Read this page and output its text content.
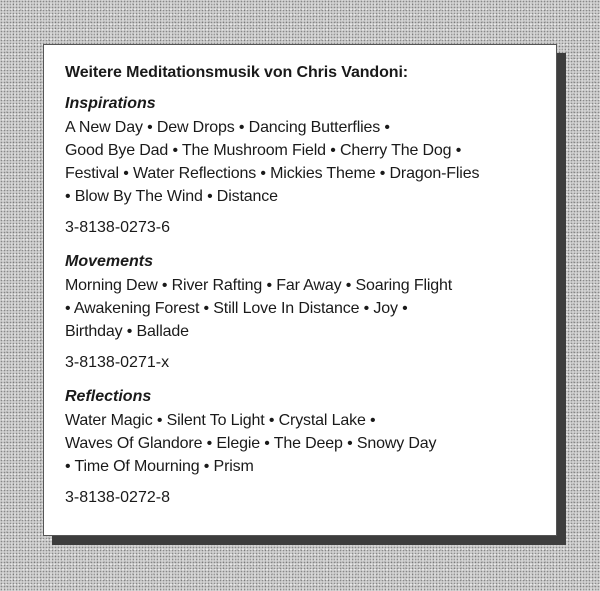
Weitere Meditationsmusik von Chris Vandoni:
Inspirations
A New Day • Dew Drops • Dancing Butterflies •
Good Bye Dad • The Mushroom Field • Cherry The Dog •
Festival • Water Reflections • Mickies Theme • Dragon-Flies
• Blow By The Wind • Distance
3-8138-0273-6
Movements
Morning Dew • River Rafting • Far Away • Soaring Flight
• Awakening Forest • Still Love In Distance • Joy •
Birthday • Ballade
3-8138-0271-x
Reflections
Water Magic • Silent To Light • Crystal Lake •
Waves Of Glandore • Elegie • The Deep • Snowy Day
• Time Of Mourning • Prism
3-8138-0272-8
